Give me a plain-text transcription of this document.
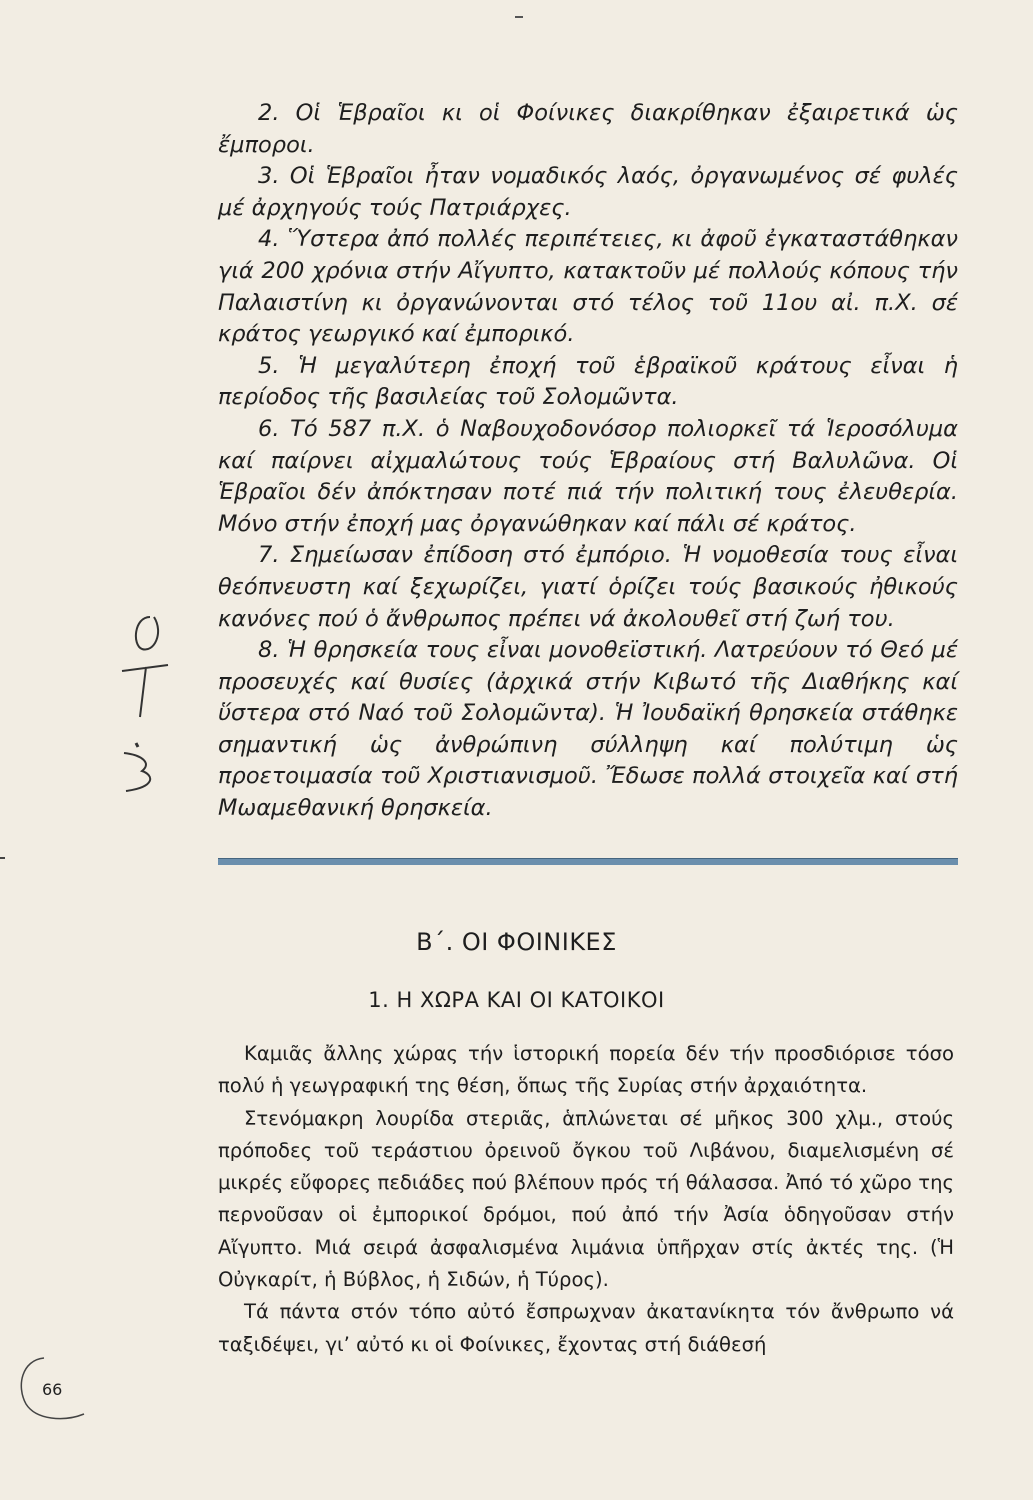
2. Οἱ Ἑβραῖοι κι οἱ Φοίνικες διακρίθηκαν ἐξαιρετικά ὡς ἔμποροι.

3. Οἱ Ἑβραῖοι ἦταν νομαδικός λαός, ὀργανωμένος σέ φυλές μέ ἀρχηγούς τούς Πατριάρχες.

4. Ὕστερα ἀπό πολλές περιπέτειες, κι ἀφοῦ ἐγκαταστάθηκαν γιά 200 χρόνια στήν Αἴγυπτο, κατακτοῦν μέ πολλούς κόπους τήν Παλαιστίνη κι ὀργανώνονται στό τέλος τοῦ 11ου αἰ. π.Χ. σέ κράτος γεωργικό καί ἐμπορικό.

5. Ἡ μεγαλύτερη ἐποχή τοῦ ἑβραϊκοῦ κράτους εἶναι ἡ περίοδος τῆς βασιλείας τοῦ Σολομῶντα.

6. Τό 587 π.Χ. ὁ Ναβουχοδονόσορ πολιορκεῖ τά Ἱεροσόλυμα καί παίρνει αἰχμαλώτους τούς Ἑβραίους στή Βαλυλῶνα. Οἱ Ἑβραῖοι δέν ἀπόκτησαν ποτέ πιά τήν πολιτική τους ἐλευθερία. Μόνο στήν ἐποχή μας ὀργανώθηκαν καί πάλι σέ κράτος.

7. Σημείωσαν ἐπίδοση στό ἐμπόριο. Ἡ νομοθεσία τους εἶναι θεόπνευστη καί ξεχωρίζει, γιατί ὁρίζει τούς βασικούς ἠθικούς κανόνες πού ὁ ἄνθρωπος πρέπει νά ἀκολουθεῖ στή ζωή του.

8. Ἡ θρησκεία τους εἶναι μονοθεϊστική. Λατρεύουν τό Θεό μέ προσευχές καί θυσίες (ἀρχικά στήν Κιβωτό τῆς Διαθήκης καί ὕστερα στό Ναό τοῦ Σολομῶντα). Ἡ Ἰουδαϊκή θρησκεία στάθηκε σημαντική ὡς ἀνθρώπινη σύλληψη καί πολύτιμη ὡς προετοιμασία τοῦ Χριστιανισμοῦ. Ἔδωσε πολλά στοιχεῖα καί στή Μωαμεθανική θρησκεία.

Β΄. ΟΙ ΦΟΙΝΙΚΕΣ
1. Η ΧΩΡΑ ΚΑΙ ΟΙ ΚΑΤΟΙΚΟΙ

Καμιᾶς ἄλλης χώρας τήν ἱστορική πορεία δέν τήν προσδιόρισε τόσο πολύ ἡ γεωγραφική της θέση, ὅπως τῆς Συρίας στήν ἀρχαιότητα.

Στενόμακρη λουρίδα στεριᾶς, ἁπλώνεται σέ μῆκος 300 χλμ., στούς πρόποδες τοῦ τεράστιου ὀρεινοῦ ὄγκου τοῦ Λιβάνου, διαμελισμένη σέ μικρές εὔφορες πεδιάδες πού βλέπουν πρός τή θάλασσα. Ἀπό τό χῶρο της περνοῦσαν οἱ ἐμπορικοί δρόμοι, πού ἀπό τήν Ἀσία ὁδηγοῦσαν στήν Αἴγυπτο. Μιά σειρά ἀσφαλισμένα λιμάνια ὑπῆρχαν στίς ἀκτές της. (Ἡ Οὐγκαρίτ, ἡ Βύβλος, ἡ Σιδών, ἡ Τύρος).

Τά πάντα στόν τόπο αὐτό ἔσπρωχναν ἀκατανίκητα τόν ἄνθρωπο νά ταξιδέψει, γι’ αὐτό κι οἱ Φοίνικες, ἔχοντας στή διάθεσή

66
